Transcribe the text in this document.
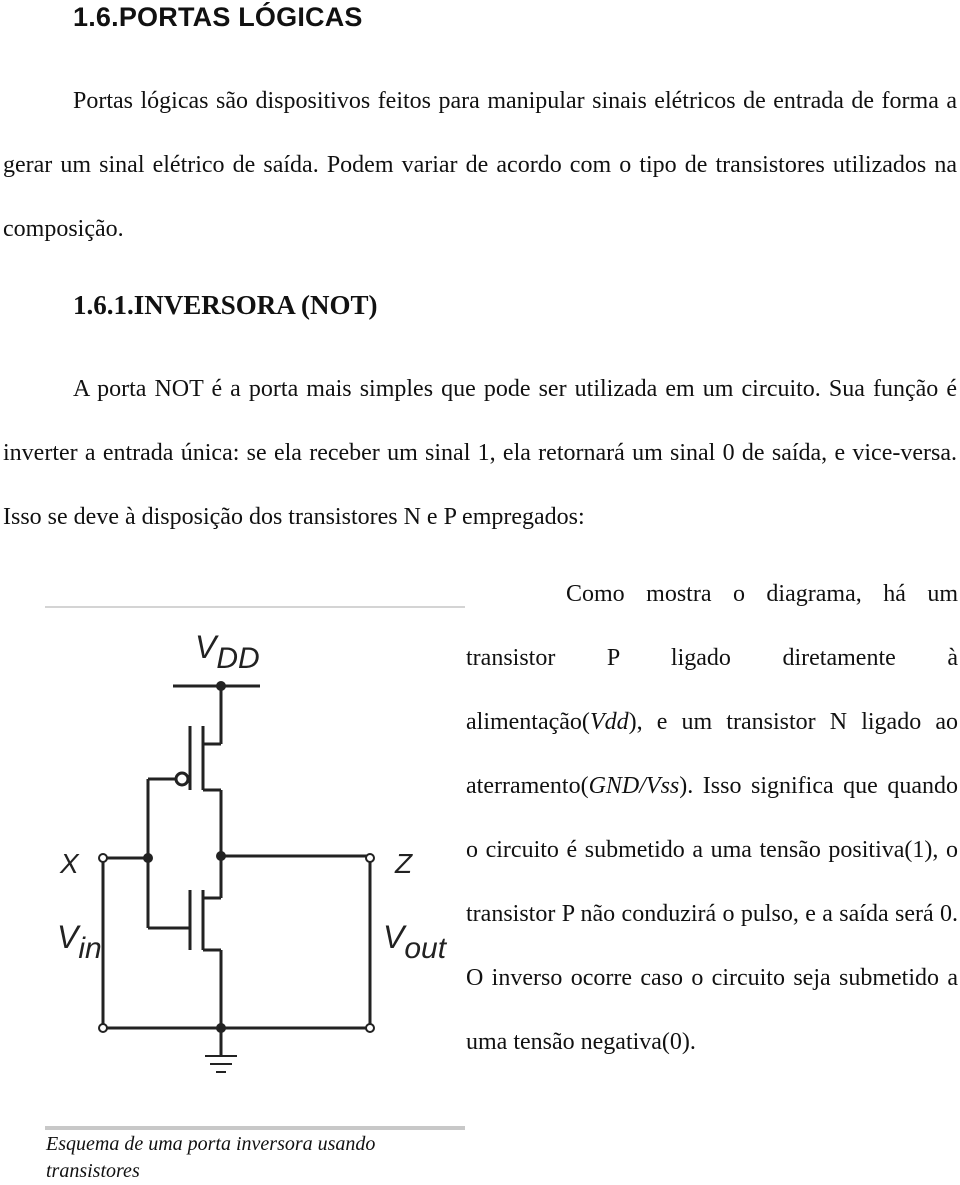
1.6.PORTAS LÓGICAS
Portas lógicas são dispositivos feitos para manipular sinais elétricos de entrada de forma a gerar um sinal elétrico de saída. Podem variar de acordo com o tipo de transistores utilizados na composição.
1.6.1.INVERSORA (NOT)
A porta NOT é a porta mais simples que pode ser utilizada em um circuito. Sua função é inverter a entrada única: se ela receber um sinal 1, ela retornará um sinal 0 de saída, e vice-versa. Isso se deve à disposição dos transistores N e P empregados:
VDD
X	Z
Vin	Vout
Esquema de uma porta inversora usando transistores
Como mostra o diagrama, há um transistor P ligado diretamente à alimentação(Vdd), e um transistor N ligado ao aterramento(GND/Vss). Isso significa que quando o circuito é submetido a uma tensão positiva(1), o transistor P não conduzirá o pulso, e a saída será 0. O inverso ocorre caso o circuito seja submetido a uma tensão negativa(0).
